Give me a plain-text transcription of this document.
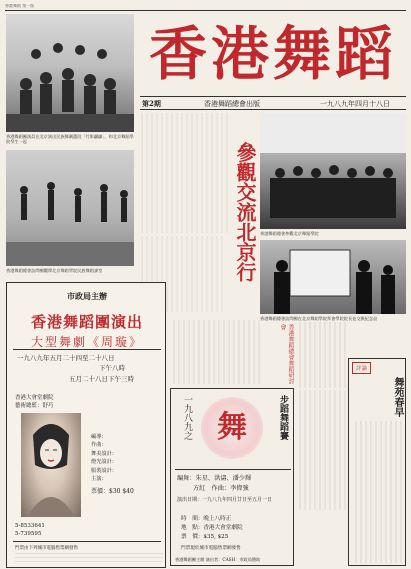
香港舞蹈 第一版
香港舞蹈團演員在北京演出民族舞劇選段「竹影翩翩」，和北京舞蹈學院學生一起
香港舞蹈
第2期	香港舞蹈總會出版	一九八九年四月十八日
參觀交流北京行
香港舞蹈總會訪問團觀摩北京舞蹈學院民族舞蹈課堂
香港舞蹈總會參觀北京舞蹈學院
香港舞蹈總會訪問團在北京舞蹈學院拜會學院院長並交換紀念品
市政局主辦
香港舞蹈團演出
大型舞劇《周璇》
一九八九年五月二十四至二十八日
下午八時
五月二十八日下午三時
香港大會堂劇院
藝術總監：舒巧
編導：
作曲：
舞美設計：
燈光設計：
服裝設計：
主演：
票價：$30 $40
5-8533641
5-739595
門票由下列城市電腦售票網發售
香港舞蹈總會舞蹈研討會
評論
舞苑春早
一九八九之	步蹈舞蹈賽
舞
編舞：朱星、洪濤、潘少輝
方紅　作曲：李偉強
演出日期：一九八九年四月廿日至五月一日
時　間：晚上八時正
地　點：香港大會堂劇院
票　價：$35, $25
門票現於城市電腦售票網發售
香港舞蹈團主辦 演出者：CASH：市政局贊助
